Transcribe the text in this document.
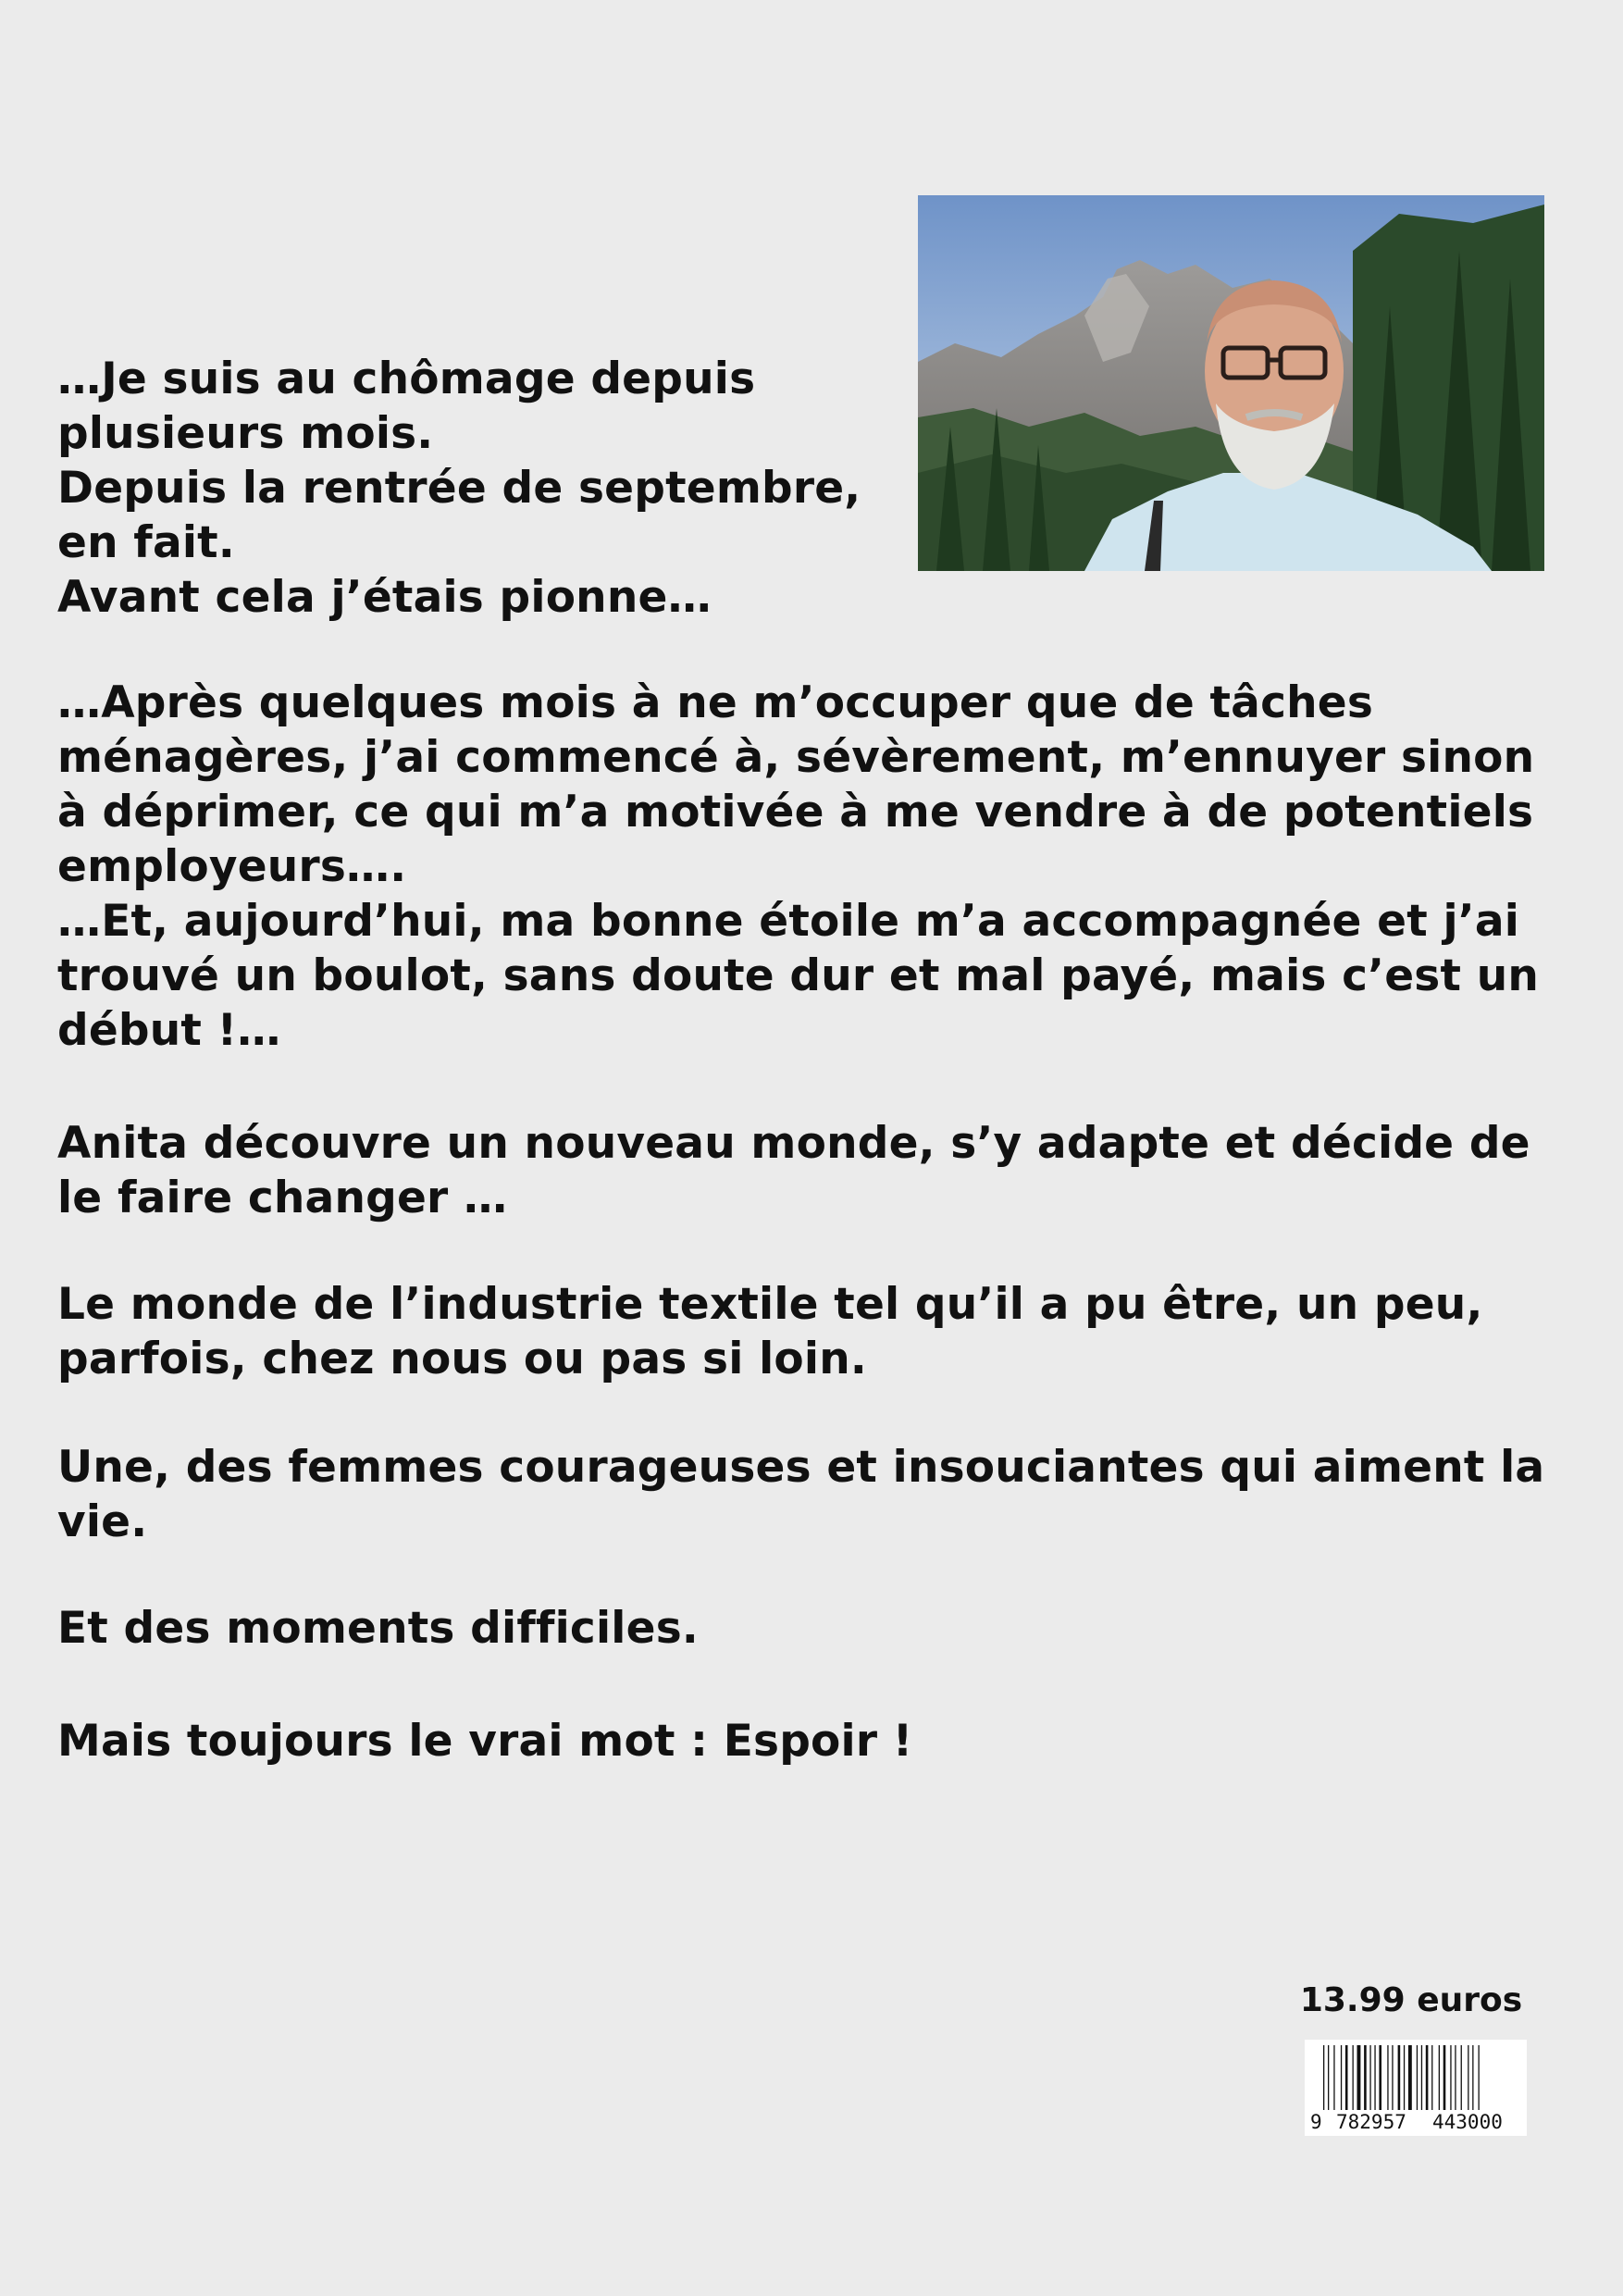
…Je suis au chômage depuis

plusieurs mois.

Depuis la rentrée de septembre,

en fait.

Avant cela j’étais pionne…

…Après quelques mois à ne m’occuper que de tâches

ménagères, j’ai commencé à, sévèrement, m’ennuyer sinon

à déprimer, ce qui m’a motivée à me vendre à de potentiels

employeurs….

…Et, aujourd’hui, ma bonne étoile m’a accompagnée et j’ai

trouvé un boulot, sans doute dur et mal payé, mais c’est un

début !…

Anita découvre un nouveau monde, s’y adapte et décide de

le faire changer …

Le monde de l’industrie textile tel qu’il a pu être, un peu,

parfois, chez nous ou pas si loin.

Une, des femmes courageuses et insouciantes qui aiment la

vie.

Et des moments difficiles.

Mais toujours le vrai mot : Espoir !

13.99 euros
9 782957 443000
